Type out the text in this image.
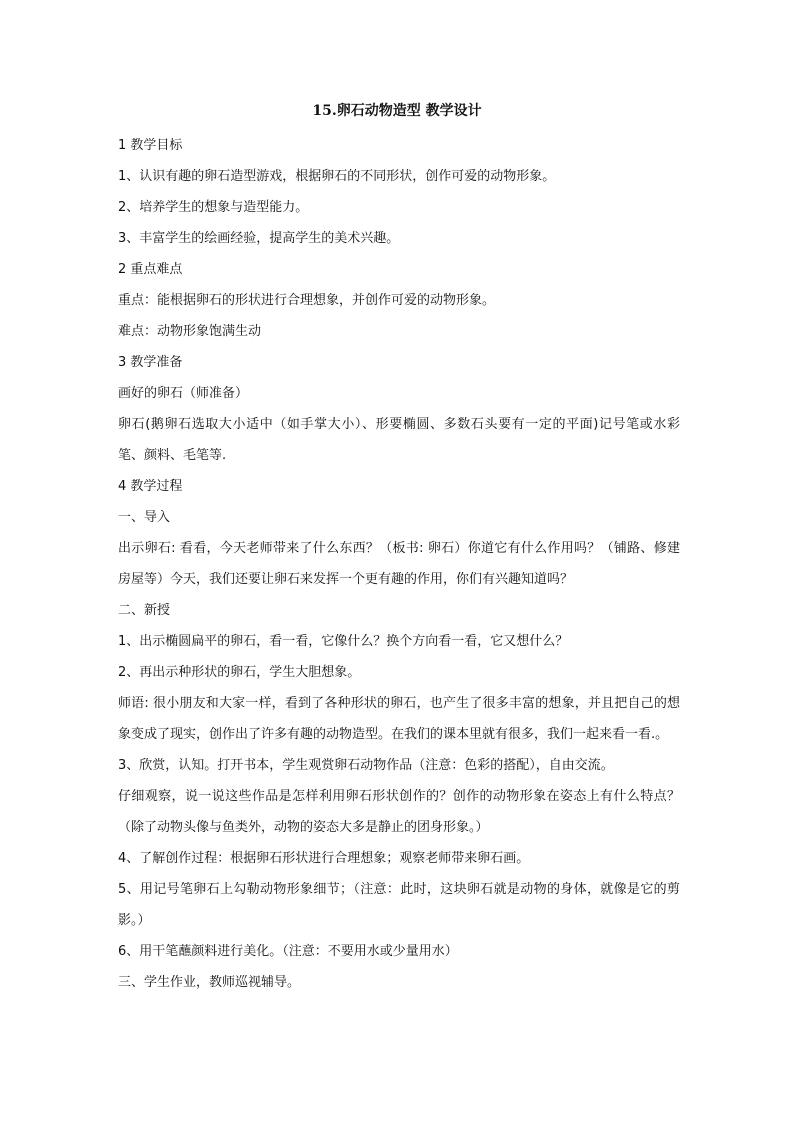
15.卵石动物造型 教学设计

1 教学目标

1、认识有趣的卵石造型游戏，根据卵石的不同形状，创作可爱的动物形象。

2、培养学生的想象与造型能力。

3、丰富学生的绘画经验，提高学生的美术兴趣。

2 重点难点

重点：能根据卵石的形状进行合理想象，并创作可爱的动物形象。

难点：动物形象饱满生动

3 教学准备

画好的卵石（师准备）

卵石(鹅卵石选取大小适中（如手掌大小）、形要椭圆、多数石头要有一定的平面)记号笔或水彩笔、颜料、毛笔等.

4 教学过程

一、导入

出示卵石: 看看，今天老师带来了什么东西？（板书: 卵石）你道它有什么作用吗？（铺路、修建房屋等）今天，我们还要让卵石来发挥一个更有趣的作用，你们有兴趣知道吗？

二、新授

1、出示椭圆扁平的卵石，看一看，它像什么？换个方向看一看，它又想什么？

2、再出示种形状的卵石，学生大胆想象。

师语: 很小朋友和大家一样，看到了各种形状的卵石，也产生了很多丰富的想象，并且把自己的想象变成了现实，创作出了许多有趣的动物造型。在我们的课本里就有很多，我们一起来看一看.。

3、欣赏，认知。打开书本，学生观赏卵石动物作品（注意：色彩的搭配），自由交流。

仔细观察，说一说这些作品是怎样利用卵石形状创作的？创作的动物形象在姿态上有什么特点？（除了动物头像与鱼类外，动物的姿态大多是静止的团身形象。）

4、了解创作过程：根据卵石形状进行合理想象；观察老师带来卵石画。

5、用记号笔卵石上勾勒动物形象细节；（注意：此时，这块卵石就是动物的身体，就像是它的剪影。）

6、用干笔蘸颜料进行美化。（注意：不要用水或少量用水）

三、学生作业，教师巡视辅导。
